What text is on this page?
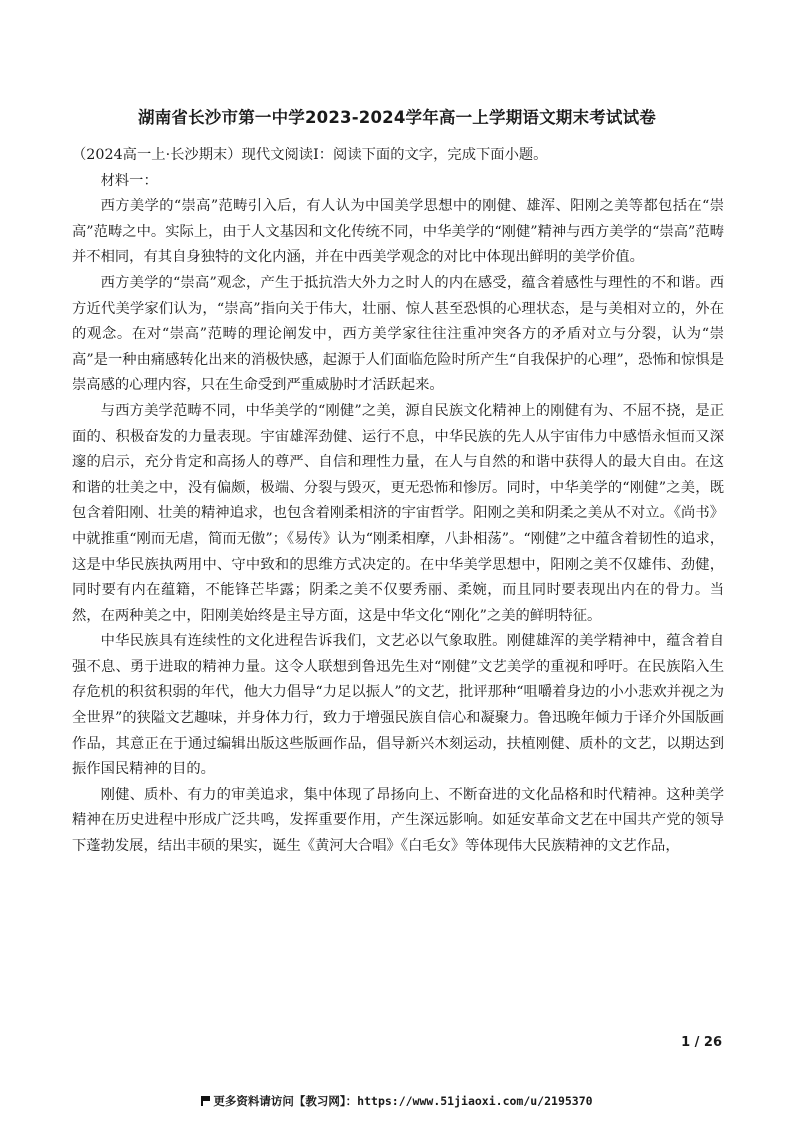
湖南省长沙市第一中学2023-2024学年高一上学期语文期末考试试卷

（2024高一上·长沙期末）现代文阅读Ⅰ：阅读下面的文字，完成下面小题。

材料一：

西方美学的“崇高”范畴引入后，有人认为中国美学思想中的刚健、雄浑、阳刚之美等都包括在“崇高”范畴之中。实际上，由于人文基因和文化传统不同，中华美学的“刚健”精神与西方美学的“崇高”范畴并不相同，有其自身独特的文化内涵，并在中西美学观念的对比中体现出鲜明的美学价值。

西方美学的“崇高”观念，产生于抵抗浩大外力之时人的内在感受，蕴含着感性与理性的不和谐。西方近代美学家们认为，“崇高”指向关于伟大，壮丽、惊人甚至恐惧的心理状态，是与美相对立的，外在的观念。在对“崇高”范畴的理论阐发中，西方美学家往往注重冲突各方的矛盾对立与分裂，认为“崇高”是一种由痛感转化出来的消极快感，起源于人们面临危险时所产生“自我保护的心理”，恐怖和惊惧是崇高感的心理内容，只在生命受到严重威胁时才活跃起来。

与西方美学范畴不同，中华美学的“刚健”之美，源自民族文化精神上的刚健有为、不屈不挠，是正面的、积极奋发的力量表现。宇宙雄浑劲健、运行不息，中华民族的先人从宇宙伟力中感悟永恒而又深邃的启示，充分肯定和高扬人的尊严、自信和理性力量，在人与自然的和谐中获得人的最大自由。在这和谐的壮美之中，没有偏颇，极端、分裂与毁灭，更无恐怖和惨厉。同时，中华美学的“刚健”之美，既包含着阳刚、壮美的精神追求，也包含着刚柔相济的宇宙哲学。阳刚之美和阴柔之美从不对立。《尚书》中就推重“刚而无虐，简而无傲”；《易传》认为“刚柔相摩，八卦相荡”。“刚健”之中蕴含着韧性的追求，这是中华民族执两用中、守中致和的思维方式决定的。在中华美学思想中，阳刚之美不仅雄伟、劲健，同时要有内在蕴籍，不能锋芒毕露；阴柔之美不仅要秀丽、柔婉，而且同时要表现出内在的骨力。当然，在两种美之中，阳刚美始终是主导方面，这是中华文化“刚化”之美的鲜明特征。

中华民族具有连续性的文化进程告诉我们，文艺必以气象取胜。刚健雄浑的美学精神中，蕴含着自强不息、勇于进取的精神力量。这令人联想到鲁迅先生对“刚健”文艺美学的重视和呼吁。在民族陷入生存危机的积贫积弱的年代，他大力倡导“力足以振人”的文艺，批评那种“咀嚼着身边的小小悲欢并视之为全世界”的狭隘文艺趣味，并身体力行，致力于增强民族自信心和凝聚力。鲁迅晚年倾力于译介外国版画作品，其意正在于通过编辑出版这些版画作品，倡导新兴木刻运动，扶植刚健、质朴的文艺，以期达到振作国民精神的目的。

刚健、质朴、有力的审美追求，集中体现了昂扬向上、不断奋进的文化品格和时代精神。这种美学精神在历史进程中形成广泛共鸣，发挥重要作用，产生深远影响。如延安革命文艺在中国共产党的领导下蓬勃发展，结出丰硕的果实，诞生《黄河大合唱》《白毛女》等体现伟大民族精神的文艺作品，

1 / 26
更多资料请访问【教习网】：https://www.51jiaoxi.com/u/2195370
